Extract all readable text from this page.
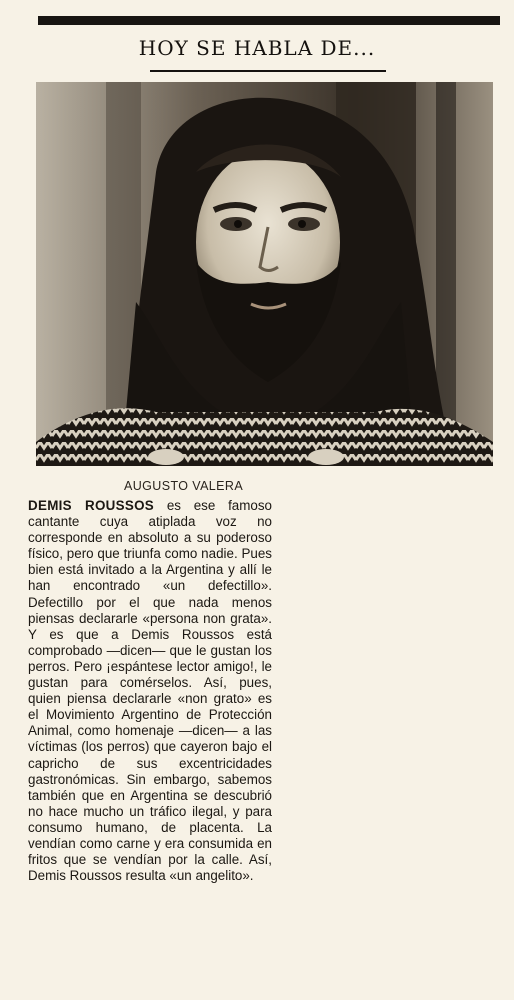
HOY SE HABLA DE...
AUGUSTO VALERA

DEMIS ROUSSOS es ese famoso cantante cuya atiplada voz no corresponde en absoluto a su poderoso físico, pero que triunfa como nadie. Pues bien está invitado a la Argentina y allí le han encontrado «un defectillo». Defectillo por el que nada menos piensas declararle «persona non grata». Y es que a Demis Roussos está comprobado —dicen— que le gustan los perros. Pero ¡espántese lector amigo!, le gustan para comérselos. Así, pues, quien piensa declararle «non grato» es el Movimiento Argentino de Protección Animal, como homenaje —dicen— a las víctimas (los perros) que cayeron bajo el capricho de sus excentricidades gastronómicas. Sin embargo, sabemos también que en Argentina se descubrió no hace mucho un tráfico ilegal, y para consumo humano, de placenta. La vendían como carne y era consumida en fritos que se vendían por la calle. Así, Demis Roussos resulta «un angelito».
